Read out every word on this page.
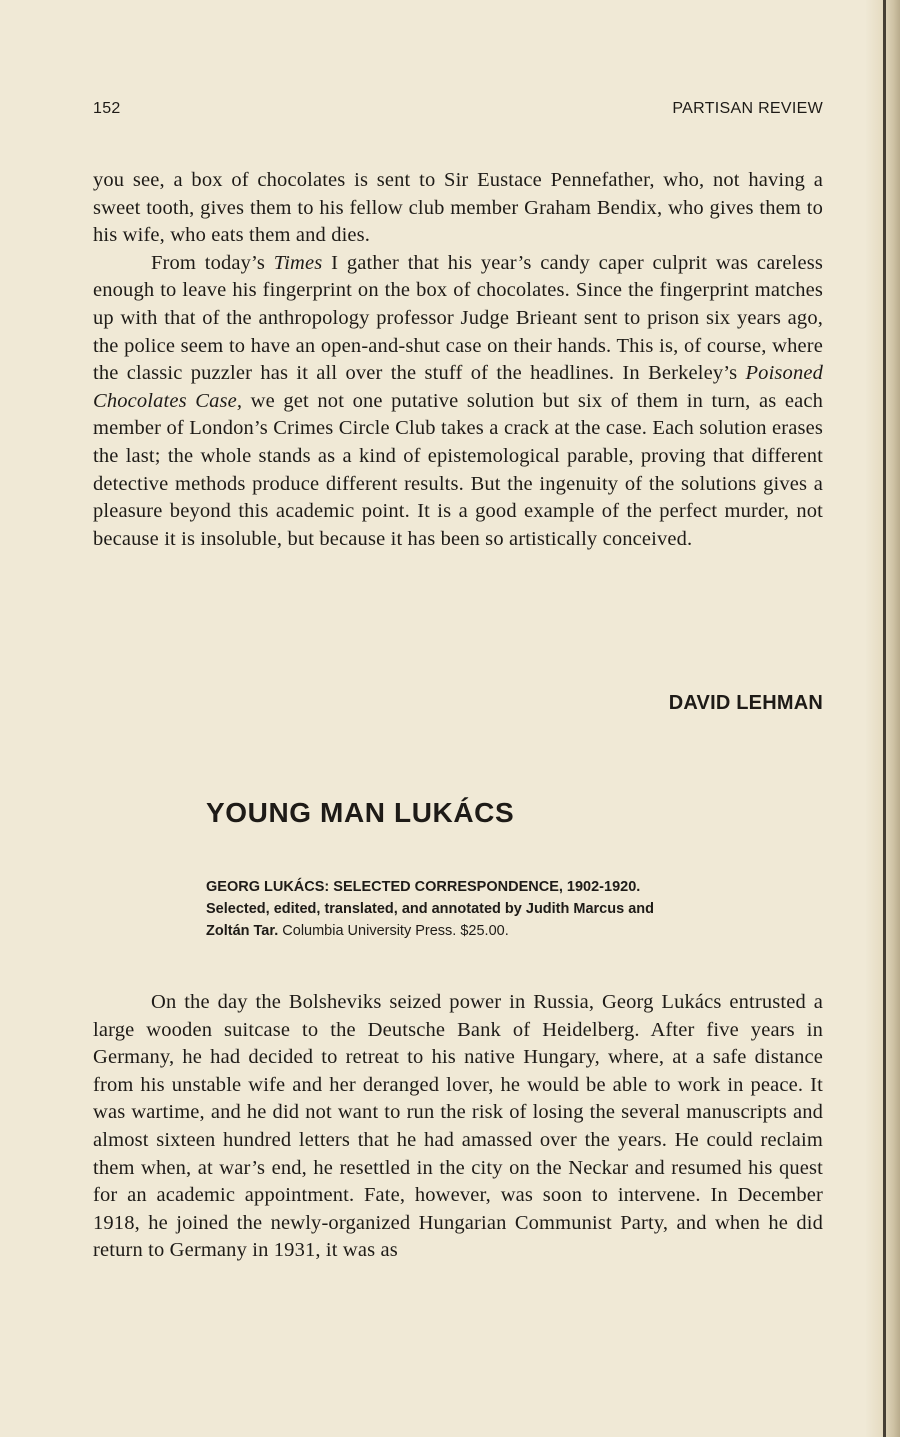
152	PARTISAN REVIEW

you see, a box of chocolates is sent to Sir Eustace Pennefather, who, not having a sweet tooth, gives them to his fellow club member Graham Bendix, who gives them to his wife, who eats them and dies.

From today’s Times I gather that his year’s candy caper culprit was careless enough to leave his fingerprint on the box of chocolates. Since the fingerprint matches up with that of the anthropology professor Judge Brieant sent to prison six years ago, the police seem to have an open-and-shut case on their hands. This is, of course, where the classic puzzler has it all over the stuff of the headlines. In Berkeley’s Poisoned Chocolates Case, we get not one putative solution but six of them in turn, as each member of London’s Crimes Circle Club takes a crack at the case. Each solution erases the last; the whole stands as a kind of epistemological parable, proving that different detective methods produce different results. But the ingenuity of the solutions gives a pleasure beyond this academic point. It is a good example of the perfect murder, not because it is insoluble, but because it has been so artistically conceived.

DAVID LEHMAN
YOUNG MAN LUKÁCS
GEORG LUKÁCS: SELECTED CORRESPONDENCE, 1902-1920.
Selected, edited, translated, and annotated by Judith Marcus and
Zoltán Tar. Columbia University Press. $25.00.

On the day the Bolsheviks seized power in Russia, Georg Lukács entrusted a large wooden suitcase to the Deutsche Bank of Heidelberg. After five years in Germany, he had decided to retreat to his native Hungary, where, at a safe distance from his unstable wife and her deranged lover, he would be able to work in peace. It was wartime, and he did not want to run the risk of losing the several manuscripts and almost sixteen hundred letters that he had amassed over the years. He could reclaim them when, at war’s end, he resettled in the city on the Neckar and resumed his quest for an academic appointment. Fate, however, was soon to intervene. In December 1918, he joined the newly-organized Hungarian Communist Party, and when he did return to Germany in 1931, it was as
